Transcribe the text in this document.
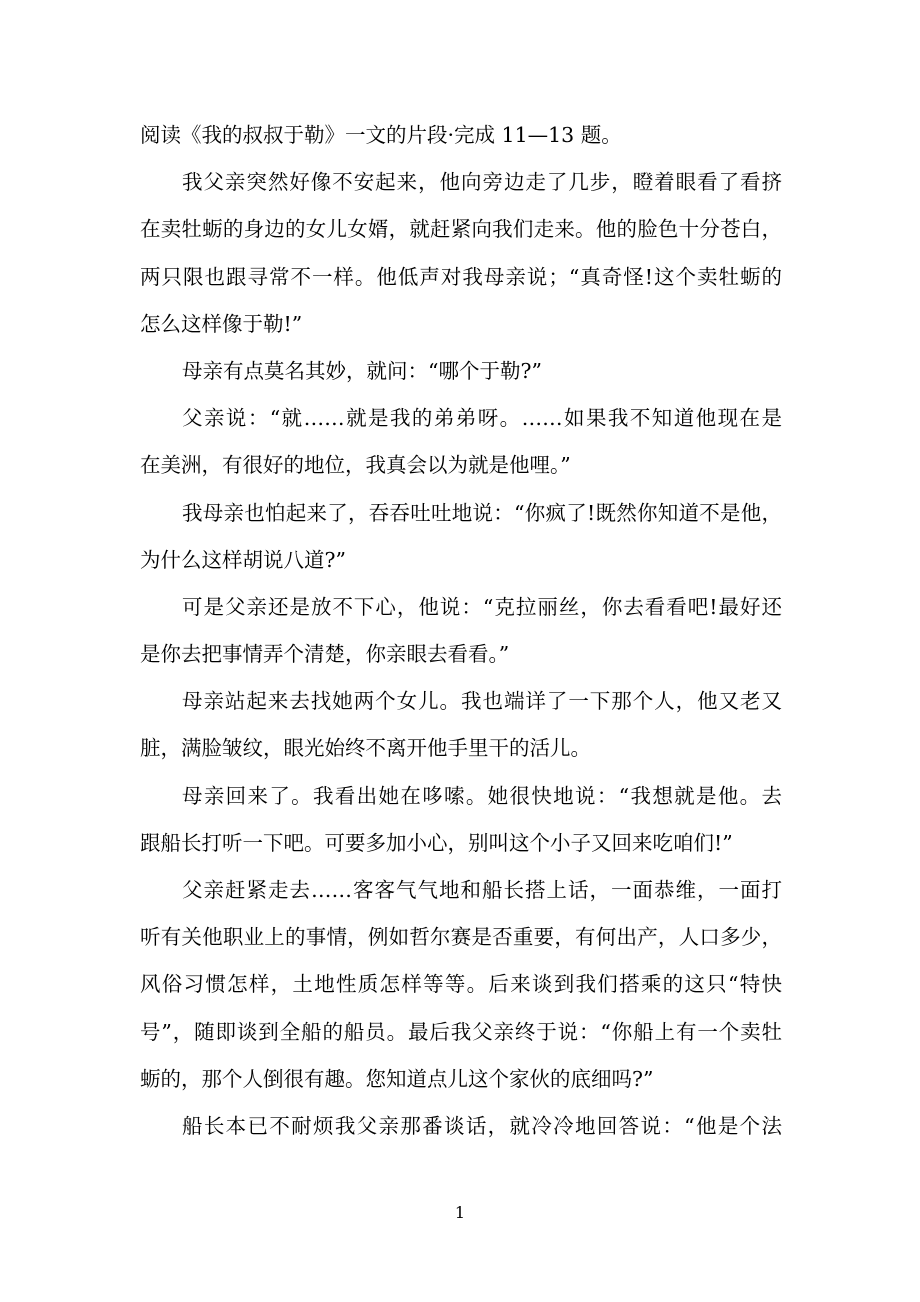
阅读《我的叔叔于勒》一文的片段·完成 11—13 题。
我父亲突然好像不安起来，他向旁边走了几步，瞪着眼看了看挤
在卖牡蛎的身边的女儿女婿，就赶紧向我们走来。他的脸色十分苍白，
两只限也跟寻常不一样。他低声对我母亲说；“真奇怪!这个卖牡蛎的
怎么这样像于勒!”
母亲有点莫名其妙，就问：“哪个于勒?”
父亲说：“就……就是我的弟弟呀。……如果我不知道他现在是
在美洲，有很好的地位，我真会以为就是他哩。”
我母亲也怕起来了，吞吞吐吐地说：“你疯了!既然你知道不是他，
为什么这样胡说八道?”
可是父亲还是放不下心，他说：“克拉丽丝，你去看看吧!最好还
是你去把事情弄个清楚，你亲眼去看看。”
母亲站起来去找她两个女儿。我也端详了一下那个人，他又老又
脏，满脸皱纹，眼光始终不离开他手里干的活儿。
母亲回来了。我看出她在哆嗦。她很快地说：“我想就是他。去
跟船长打听一下吧。可要多加小心，别叫这个小子又回来吃咱们!”
父亲赶紧走去……客客气气地和船长搭上话，一面恭维，一面打
听有关他职业上的事情，例如哲尔赛是否重要，有何出产，人口多少，
风俗习惯怎样，土地性质怎样等等。后来谈到我们搭乘的这只“特快
号”，随即谈到全船的船员。最后我父亲终于说：“你船上有一个卖牡
蛎的，那个人倒很有趣。您知道点儿这个家伙的底细吗?”
船长本已不耐烦我父亲那番谈话，就冷冷地回答说：“他是个法
1
